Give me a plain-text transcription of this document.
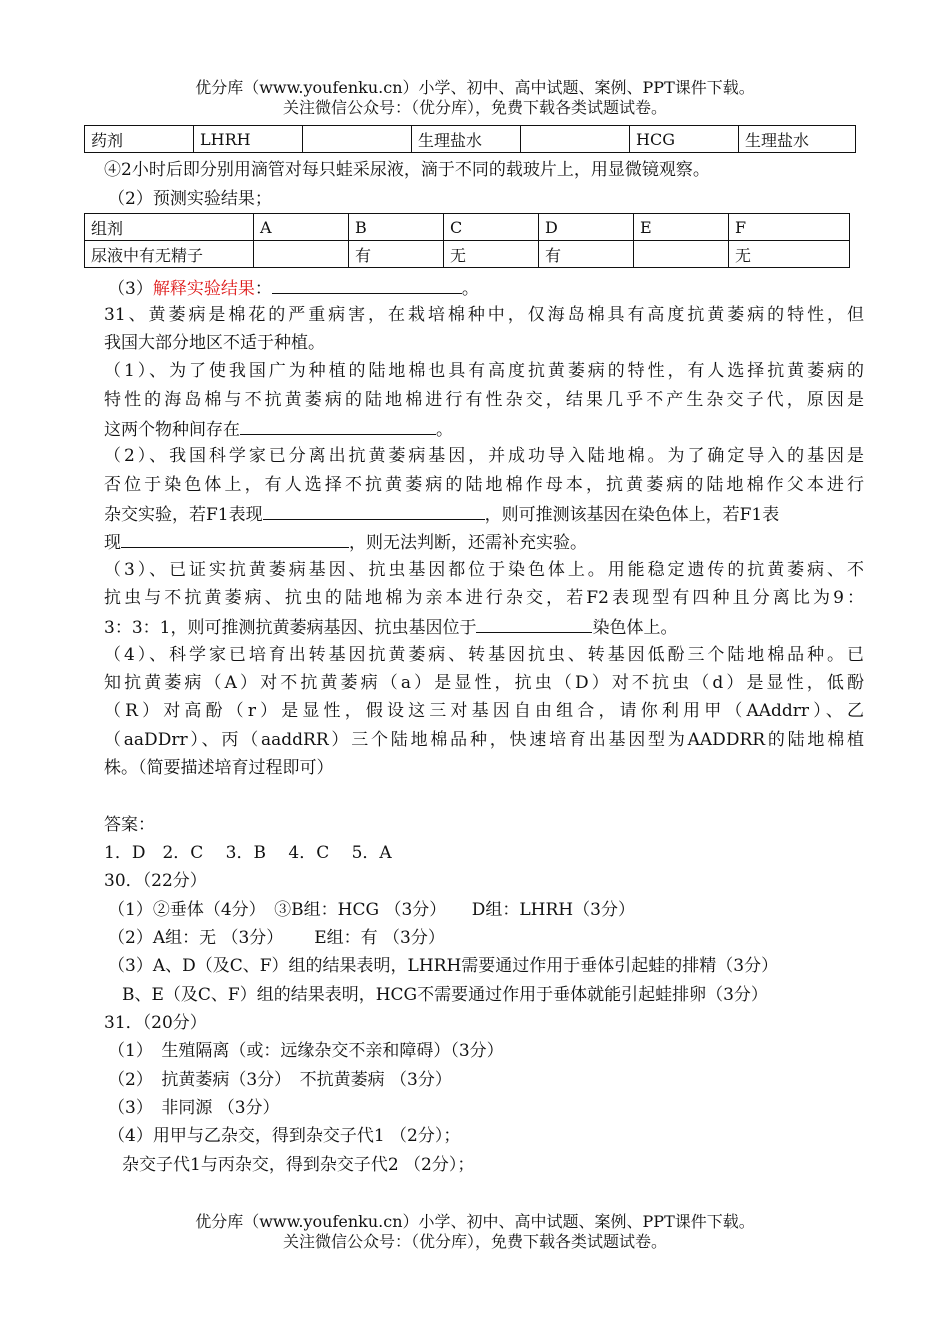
优分库（www.youfenku.cn）小学、初中、高中试题、案例、PPT课件下载。
关注微信公众号：（优分库），免费下载各类试题试卷。
药剂	LHRH		生理盐水		HCG	生理盐水
④2小时后即分别用滴管对每只蛙采尿液，滴于不同的载玻片上，用显微镜观察。
（2）预测实验结果；
组剂	A	B	C	D	E	F
尿液中有无精子		有	无	有		无
（3）解释实验结果：	。
31、黄萎病是棉花的严重病害，在栽培棉种中，仅海岛棉具有高度抗黄萎病的特性，但
我国大部分地区不适于种植。
（1）、为了使我国广为种植的陆地棉也具有高度抗黄萎病的特性，有人选择抗黄萎病的
特性的海岛棉与不抗黄萎病的陆地棉进行有性杂交，结果几乎不产生杂交子代，原因是
这两个物种间存在	。
（2）、我国科学家已分离出抗黄萎病基因，并成功导入陆地棉。为了确定导入的基因是
否位于染色体上，有人选择不抗黄萎病的陆地棉作母本，抗黄萎病的陆地棉作父本进行
杂交实验，若F1表现	，则可推测该基因在染色体上，若F1表
现	，则无法判断，还需补充实验。
（3）、已证实抗黄萎病基因、抗虫基因都位于染色体上。用能稳定遗传的抗黄萎病、不
抗虫与不抗黄萎病、抗虫的陆地棉为亲本进行杂交，若F2表现型有四种且分离比为9：
3：3：1，则可推测抗黄萎病基因、抗虫基因位于	染色体上。
（4）、科学家已培育出转基因抗黄萎病、转基因抗虫、转基因低酚三个陆地棉品种。已
知抗黄萎病（A）对不抗黄萎病（a）是显性，抗虫（D）对不抗虫（d）是显性，低酚
（R）对高酚（r）是显性，假设这三对基因自由组合，请你利用甲（AAddrr）、乙
（aaDDrr）、丙（aaddRR）三个陆地棉品种，快速培育出基因型为AADDRR的陆地棉植
株。（简要描述培育过程即可）
答案：
1．D　2．C　 3．B　 4．C　 5．A
30．（22分）
（1）②垂体（4分）　③B组：HCG （3分）　　D组：LHRH（3分）
（2）A组：无 （3分）　　 E组：有 （3分）
（3）A、D（及C、F）组的结果表明，LHRH需要通过作用于垂体引起蛙的排精（3分）
B、E（及C、F）组的结果表明，HCG不需要通过作用于垂体就能引起蛙排卵（3分）
31．（20分）
（1）　生殖隔离（或：远缘杂交不亲和障碍）（3分）
（2）　抗黄萎病（3分）　不抗黄萎病 （3分）
（3）　非同源 （3分）
（4）用甲与乙杂交，得到杂交子代1 （2分）；
杂交子代1与丙杂交，得到杂交子代2 （2分）；
优分库（www.youfenku.cn）小学、初中、高中试题、案例、PPT课件下载。
关注微信公众号：（优分库），免费下载各类试题试卷。
